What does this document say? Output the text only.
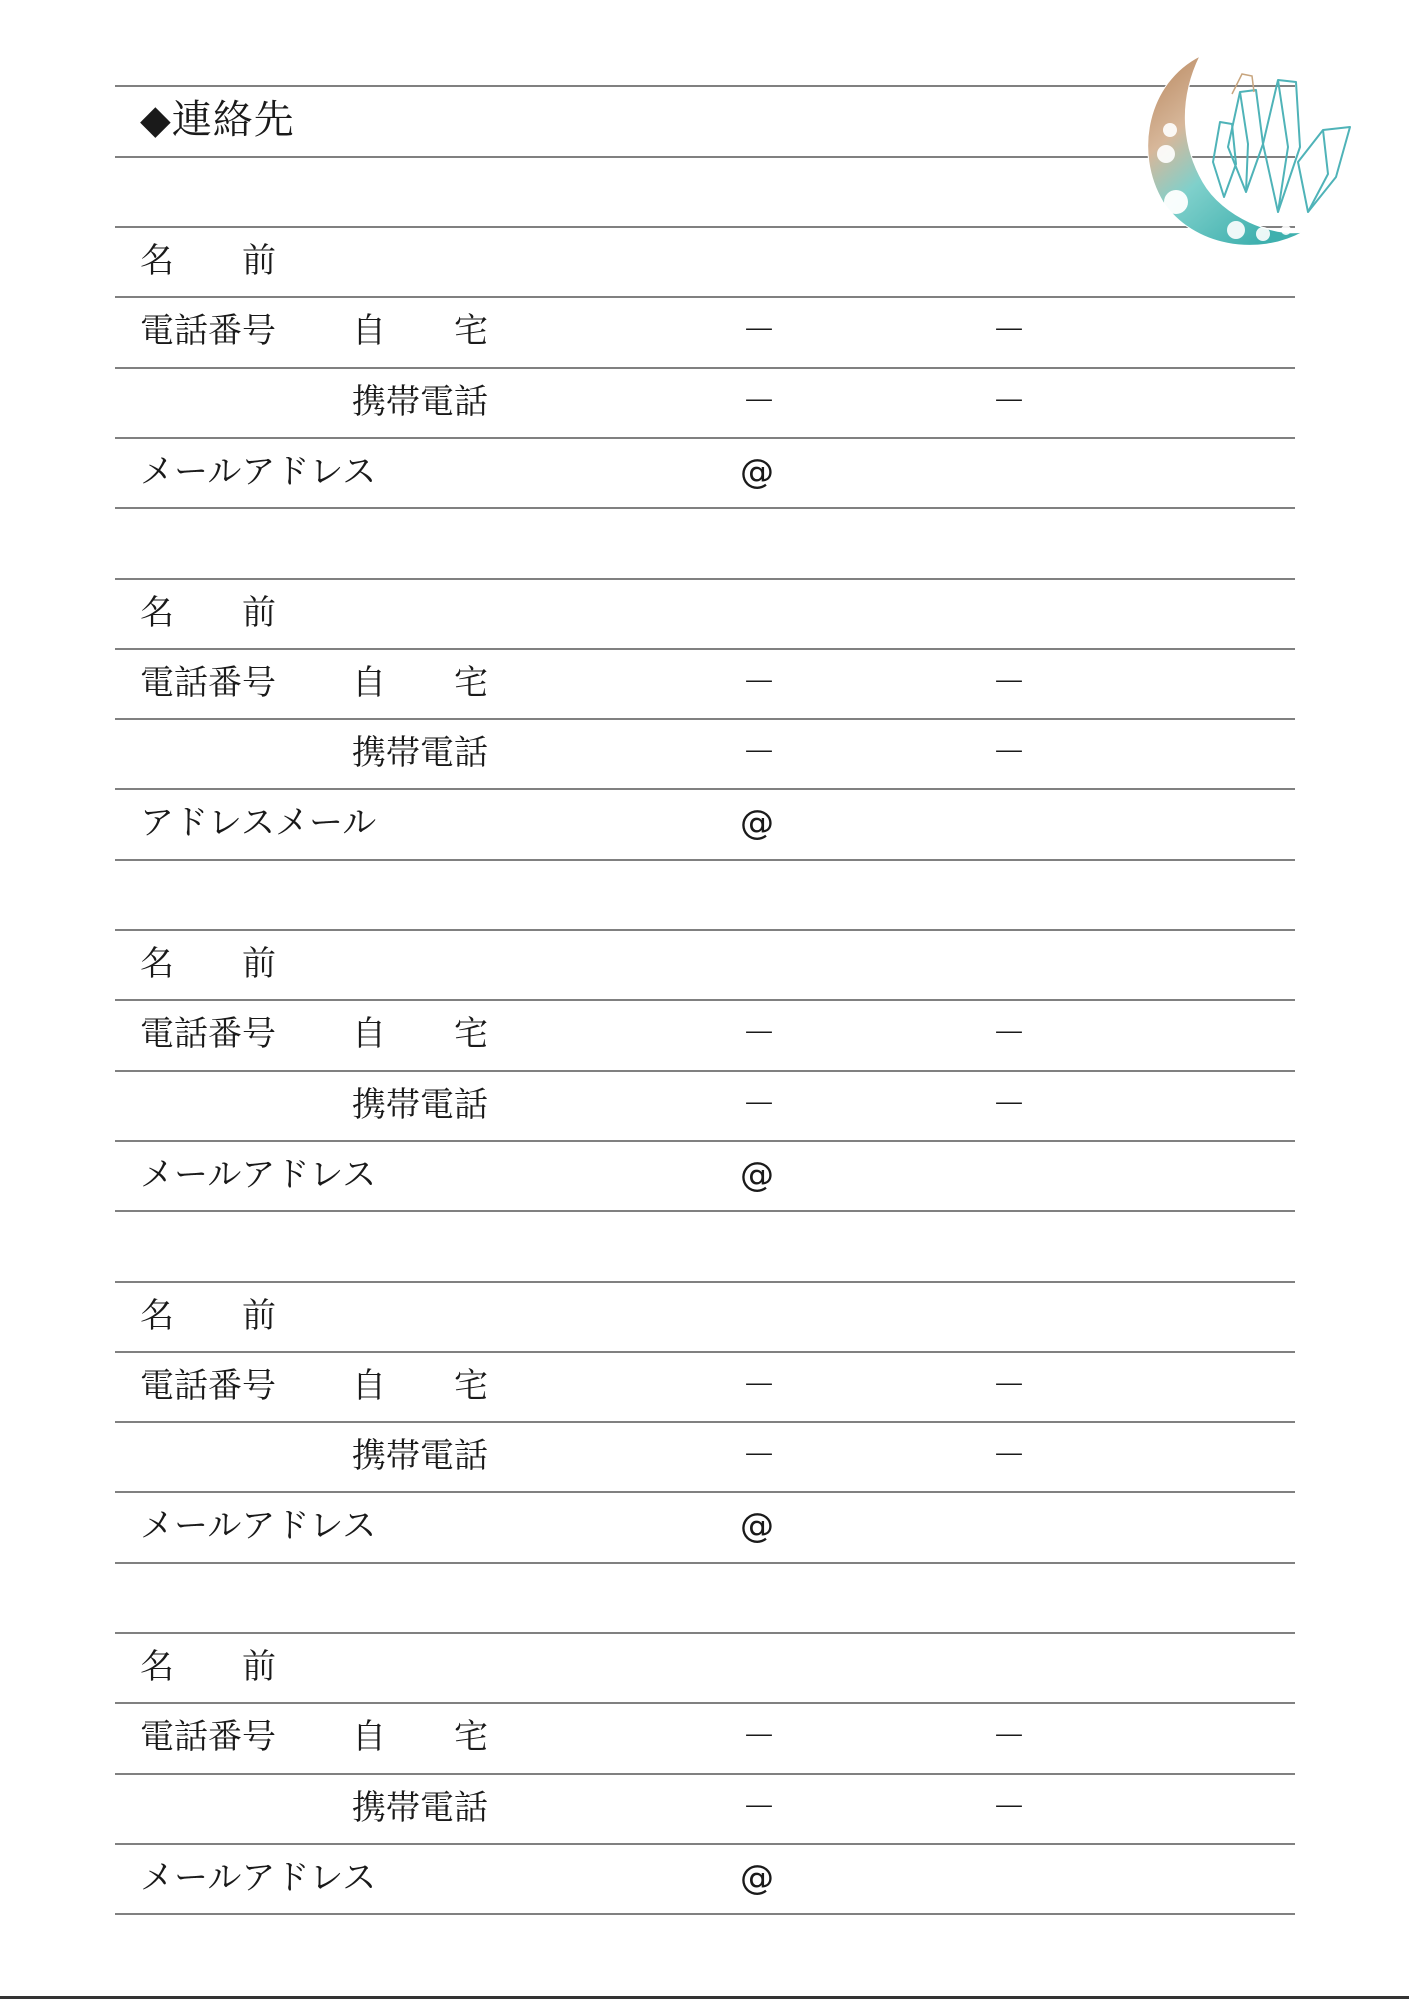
◆連絡先
名　　前
電話番号 自　　宅	－	－
携帯電話	－	－
メールアドレス	@
名　　前
電話番号 自　　宅	－	－
携帯電話	－	－
アドレスメール	@
名　　前
電話番号 自　　宅	－	－
携帯電話	－	－
メールアドレス	@
名　　前
電話番号 自　　宅	－	－
携帯電話	－	－
メールアドレス	@
名　　前
電話番号 自　　宅	－	－
携帯電話	－	－
メールアドレス	@
